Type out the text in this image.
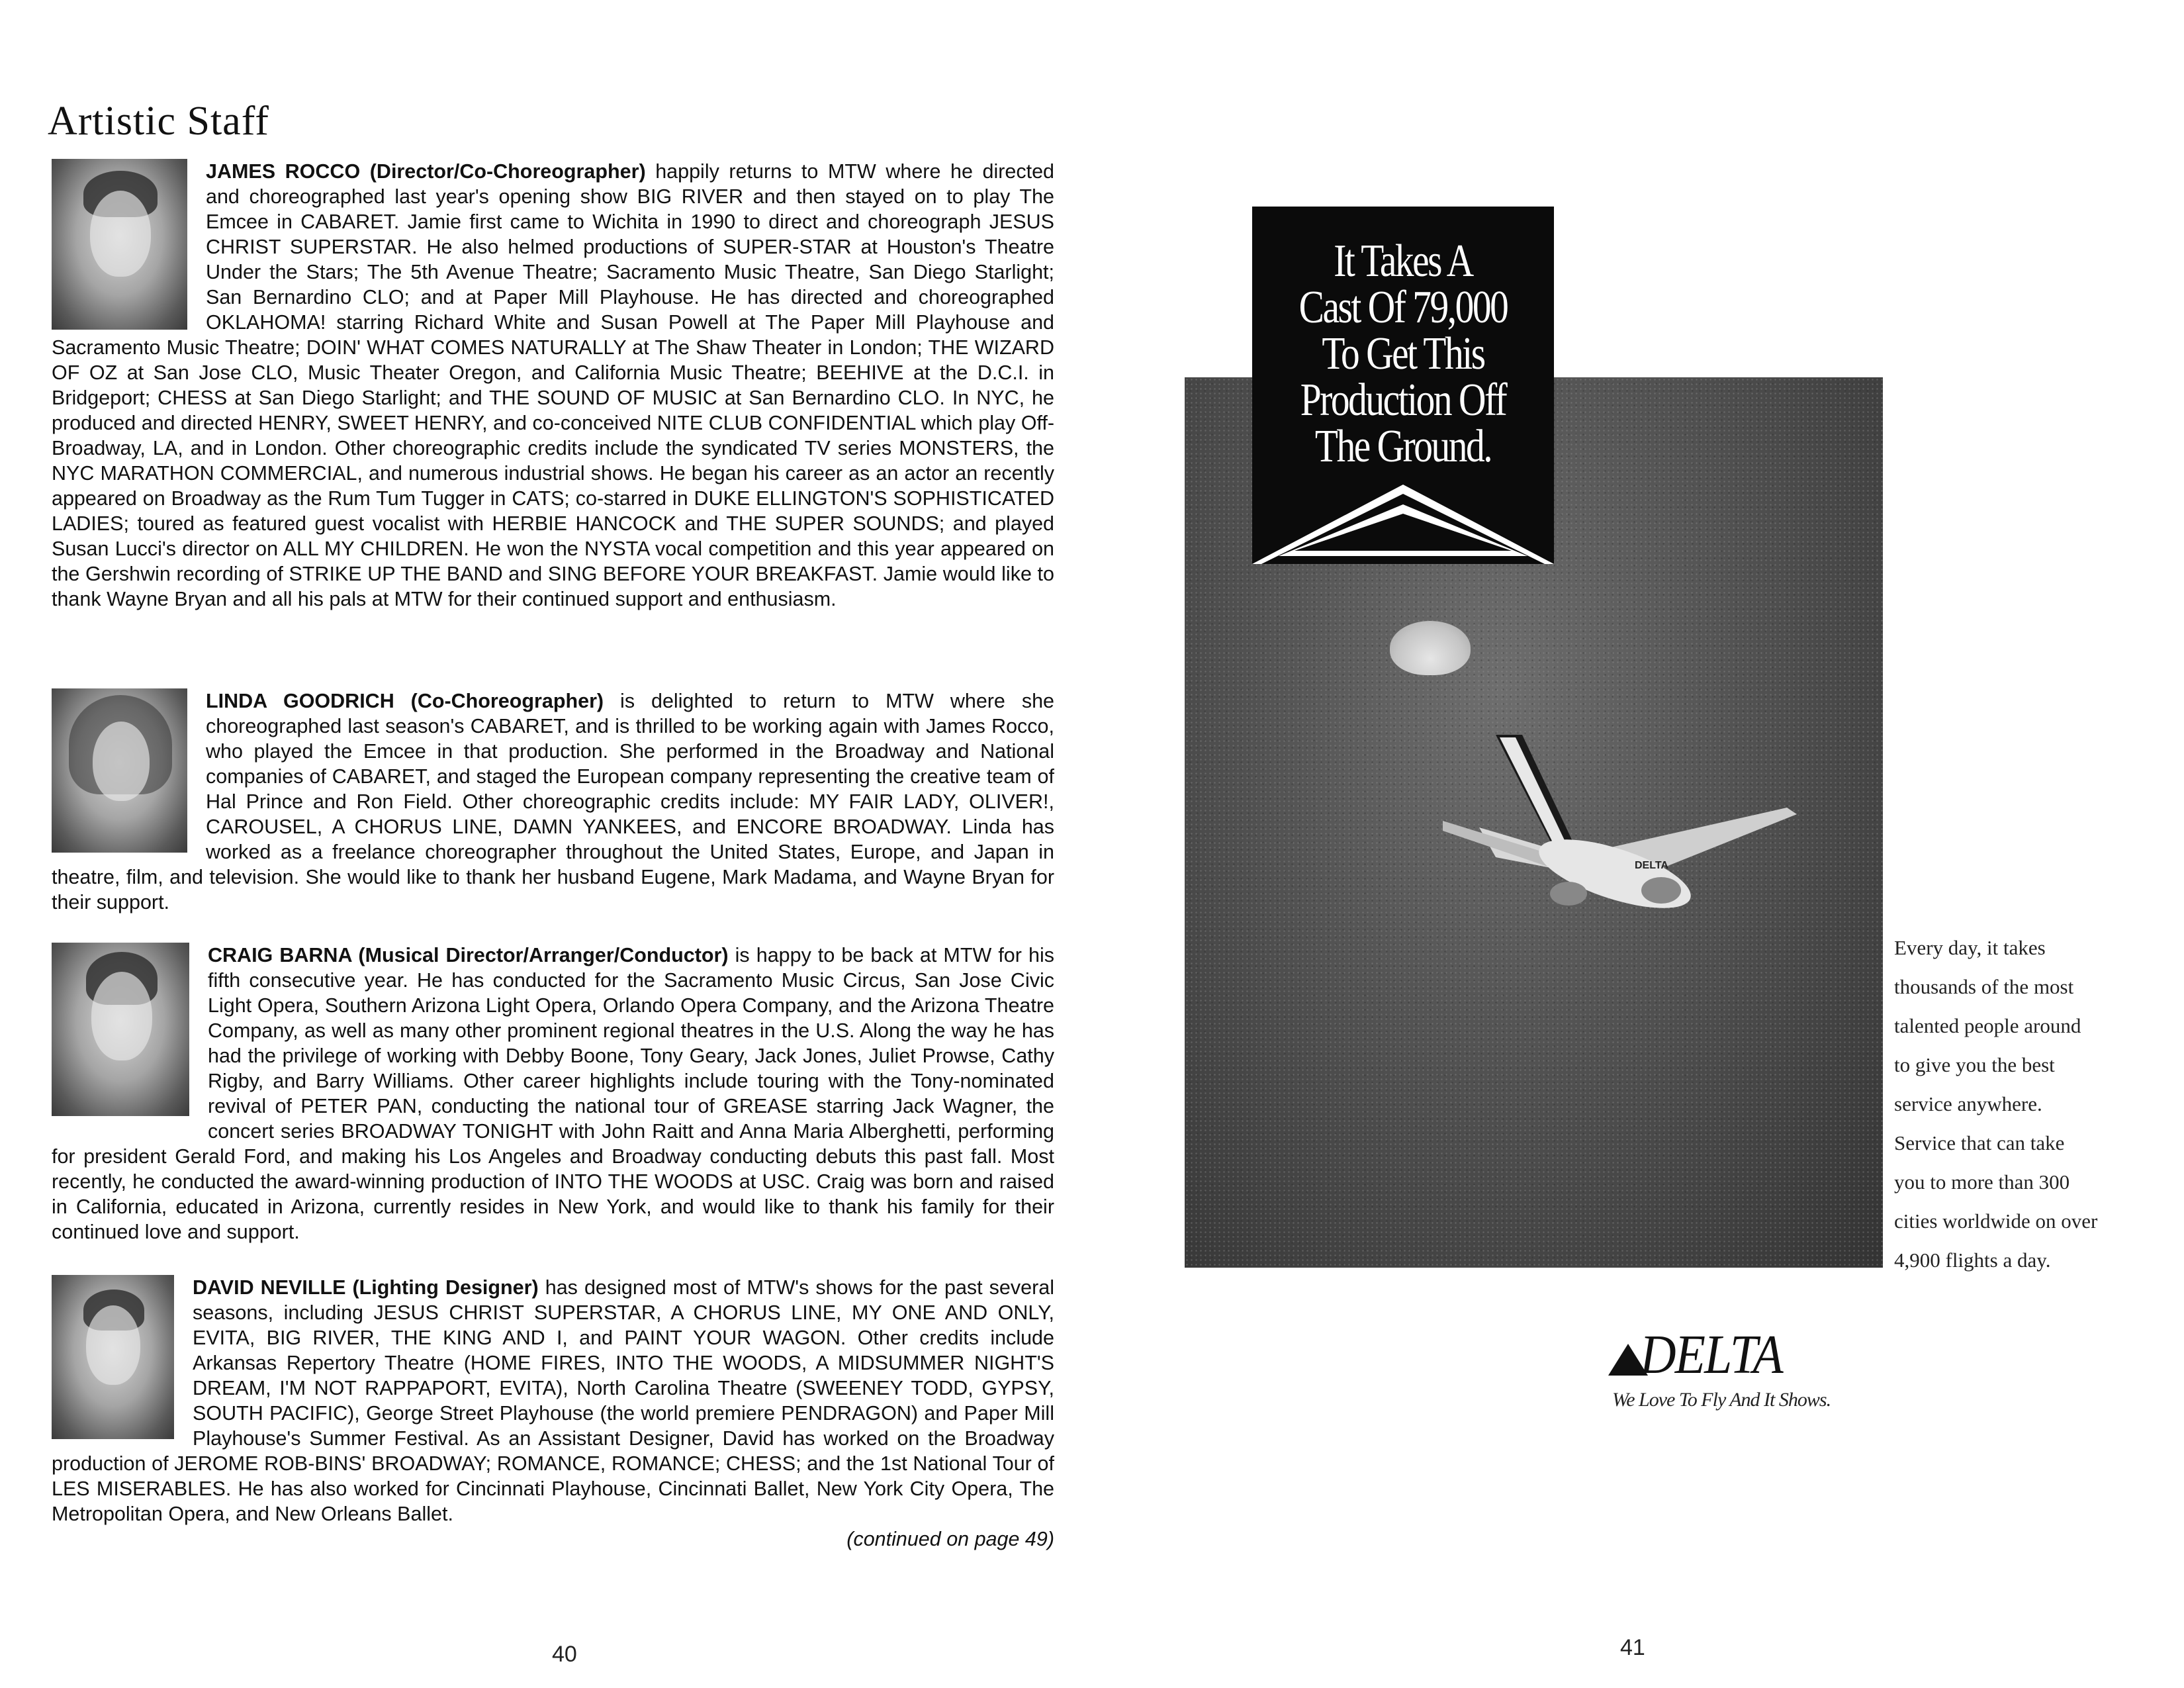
Artistic Staff

JAMES ROCCO (Director/Co-Choreographer) happily returns to MTW where he directed and choreographed last year's opening show BIG RIVER and then stayed on to play The Emcee in CABARET. Jamie first came to Wichita in 1990 to direct and choreograph JESUS CHRIST SUPERSTAR. He also helmed productions of SUPER-STAR at Houston's Theatre Under the Stars; The 5th Avenue Theatre; Sacramento Music Theatre, San Diego Starlight; San Bernardino CLO; and at Paper Mill Playhouse. He has directed and choreographed OKLAHOMA! starring Richard White and Susan Powell at The Paper Mill Playhouse and Sacramento Music Theatre; DOIN' WHAT COMES NATURALLY at The Shaw Theater in London; THE WIZARD OF OZ at San Jose CLO, Music Theater Oregon, and California Music Theatre; BEEHIVE at the D.C.I. in Bridgeport; CHESS at San Diego Starlight; and THE SOUND OF MUSIC at San Bernardino CLO. In NYC, he produced and directed HENRY, SWEET HENRY, and co-conceived NITE CLUB CONFIDENTIAL which play Off-Broadway, LA, and in London. Other choreographic credits include the syndicated TV series MONSTERS, the NYC MARATHON COMMERCIAL, and numerous industrial shows. He began his career as an actor an recently appeared on Broadway as the Rum Tum Tugger in CATS; co-starred in DUKE ELLINGTON'S SOPHISTICATED LADIES; toured as featured guest vocalist with HERBIE HANCOCK and THE SUPER SOUNDS; and played Susan Lucci's director on ALL MY CHILDREN. He won the NYSTA vocal competition and this year appeared on the Gershwin recording of STRIKE UP THE BAND and SING BEFORE YOUR BREAKFAST. Jamie would like to thank Wayne Bryan and all his pals at MTW for their continued support and enthusiasm.

LINDA GOODRICH (Co-Choreographer) is delighted to return to MTW where she choreographed last season's CABARET, and is thrilled to be working again with James Rocco, who played the Emcee in that production. She performed in the Broadway and National companies of CABARET, and staged the European company representing the creative team of Hal Prince and Ron Field. Other choreographic credits include: MY FAIR LADY, OLIVER!, CAROUSEL, A CHORUS LINE, DAMN YANKEES, and ENCORE BROADWAY. Linda has worked as a freelance choreographer throughout the United States, Europe, and Japan in theatre, film, and television. She would like to thank her husband Eugene, Mark Madama, and Wayne Bryan for their support.

CRAIG BARNA (Musical Director/Arranger/Conductor) is happy to be back at MTW for his fifth consecutive year. He has conducted for the Sacramento Music Circus, San Jose Civic Light Opera, Southern Arizona Light Opera, Orlando Opera Company, and the Arizona Theatre Company, as well as many other prominent regional theatres in the U.S. Along the way he has had the privilege of working with Debby Boone, Tony Geary, Jack Jones, Juliet Prowse, Cathy Rigby, and Barry Williams. Other career highlights include touring with the Tony-nominated revival of PETER PAN, conducting the national tour of GREASE starring Jack Wagner, the concert series BROADWAY TONIGHT with John Raitt and Anna Maria Alberghetti, performing for president Gerald Ford, and making his Los Angeles and Broadway conducting debuts this past fall. Most recently, he conducted the award-winning production of INTO THE WOODS at USC. Craig was born and raised in California, educated in Arizona, currently resides in New York, and would like to thank his family for their continued love and support.

DAVID NEVILLE (Lighting Designer) has designed most of MTW's shows for the past several seasons, including JESUS CHRIST SUPERSTAR, A CHORUS LINE, MY ONE AND ONLY, EVITA, BIG RIVER, THE KING AND I, and PAINT YOUR WAGON. Other credits include Arkansas Repertory Theatre (HOME FIRES, INTO THE WOODS, A MIDSUMMER NIGHT'S DREAM, I'M NOT RAPPAPORT, EVITA), North Carolina Theatre (SWEENEY TODD, GYPSY, SOUTH PACIFIC), George Street Playhouse (the world premiere PENDRAGON) and Paper Mill Playhouse's Summer Festival. As an Assistant Designer, David has worked on the Broadway production of JEROME ROB-BINS' BROADWAY; ROMANCE, ROMANCE; CHESS; and the 1st National Tour of LES MISERABLES. He has also worked for Cincinnati Playhouse, Cincinnati Ballet, New York City Opera, The Metropolitan Opera, and New Orleans Ballet.
(continued on page 49)

40
It Takes A
Cast Of 79,000
To Get This
Production Off
The Ground.
DELTA
Every day, it takes
thousands of the most
talented people around
to give you the best
service anywhere.
Service that can take
you to more than 300
cities worldwide on over
4,900 flights a day.
DELTA
We Love To Fly And It Shows.
41
